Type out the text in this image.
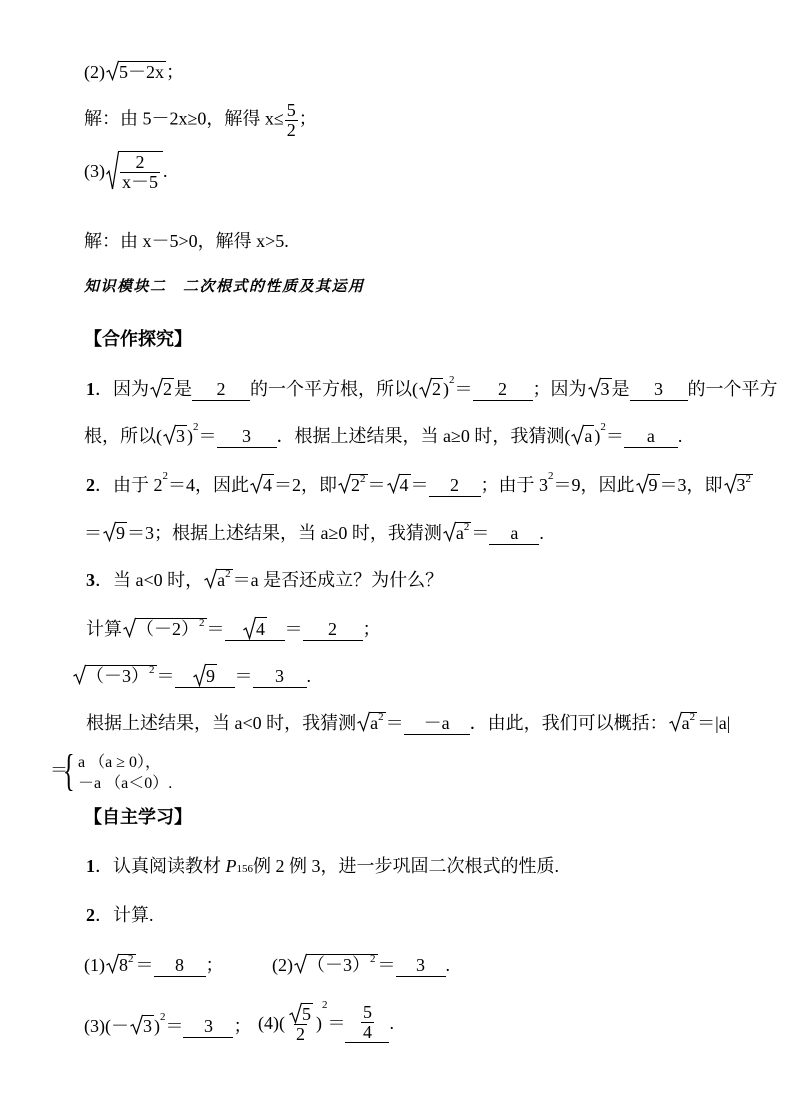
(2) 5－2x ；
解：由 5－2x≥0，解得 $x\le \frac{5}{2}$ ；
$(3) \frac{2}{x-5}$ .
解：由 x－5>0，解得 x>5.
知识模块二　二次根式的性质及其运用
【合作探究】
1．因为 2 是 2 的一个平方根，所以( 2 )$^2$＝ 2 ；因为 3 是 3 的一个平方
根，所以( 3 )$^2$＝ 3 ．根据上述结果，当 a≥0 时，我猜测( a )$^2$＝ a .
2．由于 $2^2=4$，因此 4 ＝2，即 $2^2 = 4 = 2$ ；由于 $3^2=9$，因此 9 ＝3，即 $3^2$
＝ 9 ＝3；根据上述结果，当 a≥0 时，我猜测 $a^2 = a$ .
3．当 a<0 时， $a^2 =a$ 是否还成立？为什么？
计算 $(-2)^2 = 4 = 2$ ；
$(-3)^2 = 9 = 3$ .
根据上述结果，当 a<0 时，我猜测 $a^2 = -a$ ．由此，我们可以概括： $a^2 =|a|$
＝
{ a （a ≥ 0），
－a （a＜0）.
【自主学习】
1．认真阅读教材 P156例 2 例 3，进一步巩固二次根式的性质.
2．计算.
(1) $8^2 = 8$ ；	(2) $(-3)^2 = 3$ .
(3)(－ 3 )$^2$＝ 3 ； $(4)( \frac{5}{2} )^2= \frac{5}{4}$ .
